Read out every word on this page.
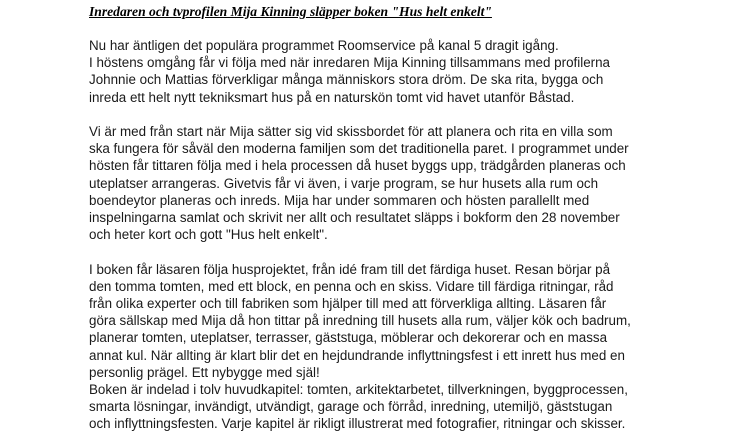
Inredaren och tvprofilen Mija Kinning släpper boken "Hus helt enkelt"

Nu har äntligen det populära programmet Roomservice på kanal 5 dragit igång.
I höstens omgång får vi följa med när inredaren Mija Kinning tillsammans med profilerna
Johnnie och Mattias förverkligar många människors stora dröm. De ska rita, bygga och
inreda ett helt nytt tekniksmart hus på en naturskön tomt vid havet utanför Båstad.

Vi är med från start när Mija sätter sig vid skissbordet för att planera och rita en villa som
ska fungera för såväl den moderna familjen som det traditionella paret. I programmet under
hösten får tittaren följa med i hela processen då huset byggs upp, trädgården planeras och
uteplatser arrangeras. Givetvis får vi även, i varje program, se hur husets alla rum och
boendeytor planeras och inreds. Mija har under sommaren och hösten parallellt med
inspelningarna samlat och skrivit ner allt och resultatet släpps i bokform den 28 november
och heter kort och gott "Hus helt enkelt".

I boken får läsaren följa husprojektet, från idé fram till det färdiga huset. Resan börjar på
den tomma tomten, med ett block, en penna och en skiss. Vidare till färdiga ritningar, råd
från olika experter och till fabriken som hjälper till med att förverkliga allting. Läsaren får
göra sällskap med Mija då hon tittar på inredning till husets alla rum, väljer kök och badrum,
planerar tomten, uteplatser, terrasser, gäststuga, möblerar och dekorerar och en massa
annat kul. När allting är klart blir det en hejdundrande inflyttningsfest i ett inrett hus med en
personlig prägel. Ett nybygge med själ!

Boken är indelad i tolv huvudkapitel: tomten, arkitektarbetet, tillverkningen, byggprocessen,
smarta lösningar, invändigt, utvändigt, garage och förråd, inredning, utemiljö, gäststugan
och inflyttningsfesten. Varje kapitel är rikligt illustrerat med fotografier, ritningar och skisser.
